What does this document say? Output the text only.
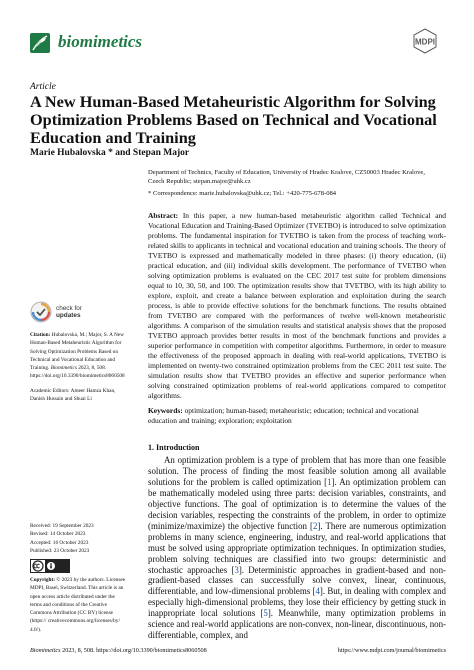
biomimetics	MDPI
Article
A New Human-Based Metaheuristic Algorithm for Solving Optimization Problems Based on Technical and Vocational Education and Training
Marie Hubalovska * and Stepan Major
Department of Technics, Faculty of Education, University of Hradec Kralove, CZ50003 Hradec Kralove,
Czech Republic; stepan.major@uhk.cz
* Correspondence: marie.hubalovska@uhk.cz; Tel.: +420-775-678-084
Abstract: In this paper, a new human-based metaheuristic algorithm called Technical and Vocational Education and Training-Based Optimizer (TVETBO) is introduced to solve optimization problems. The fundamental inspiration for TVETBO is taken from the process of teaching work-related skills to applicants in technical and vocational education and training schools. The theory of TVETBO is expressed and mathematically modeled in three phases: (i) theory education, (ii) practical education, and (iii) individual skills development. The performance of TVETBO when solving optimization problems is evaluated on the CEC 2017 test suite for problem dimensions equal to 10, 30, 50, and 100. The optimization results show that TVETBO, with its high ability to explore, exploit, and create a balance between exploration and exploitation during the search process, is able to provide effective solutions for the benchmark functions. The results obtained from TVETBO are compared with the performances of twelve well-known metaheuristic algorithms. A comparison of the simulation results and statistical analysis shows that the proposed TVETBO approach provides better results in most of the benchmark functions and provides a superior performance in competition with competitor algorithms. Furthermore, in order to measure the effectiveness of the proposed approach in dealing with real-world applications, TVETBO is implemented on twenty-two constrained optimization problems from the CEC 2011 test suite. The simulation results show that TVETBO provides an effective and superior performance when solving constrained optimization problems of real-world applications compared to competitor algorithms.
Keywords: optimization; human-based; metaheuristic; education; technical and vocational education and training; exploration; exploitation
1. Introduction
An optimization problem is a type of problem that has more than one feasible solution. The process of finding the most feasible solution among all available solutions for the problem is called optimization [1]. An optimization problem can be mathematically modeled using three parts: decision variables, constraints, and objective functions. The goal of optimization is to determine the values of the decision variables, respecting the constraints of the problem, in order to optimize (minimize/maximize) the objective function [2]. There are numerous optimization problems in many science, engineering, industry, and real-world applications that must be solved using appropriate optimization techniques. In optimization studies, problem solving techniques are classified into two groups: deterministic and stochastic approaches [3]. Deterministic approaches in gradient-based and non-gradient-based classes can successfully solve convex, linear, continuous, differentiable, and low-dimensional problems [4]. But, in dealing with complex and especially high-dimensional problems, they lose their efficiency by getting stuck in inappropriate local solutions [5]. Meanwhile, many optimization problems in science and real-world applications are non-convex, non-linear, discontinuous, non-differentiable, complex, and
check for
updates
Citation: Hubalovska, M.; Major, S. A New Human-Based Metaheuristic Algorithm for Solving Optimization Problems Based on Technical and Vocational Education and Training. Biomimetics 2023, 8, 508. https://doi.org/10.3390/biomimetics8060508
Academic Editors: Ameer Hamza Khan, Danish Hussain and Shuai Li
Received: 19 September 2023
Revised: 14 October 2023
Accepted: 16 October 2023
Published: 23 October 2023
Copyright: © 2023 by the authors. Licensee MDPI, Basel, Switzerland. This article is an open access article distributed under the terms and conditions of the Creative Commons Attribution (CC BY) license (https:// creativecommons.org/licenses/by/ 4.0/).
Biomimetics 2023, 8, 508. https://doi.org/10.3390/biomimetics8060508	https://www.mdpi.com/journal/biomimetics
